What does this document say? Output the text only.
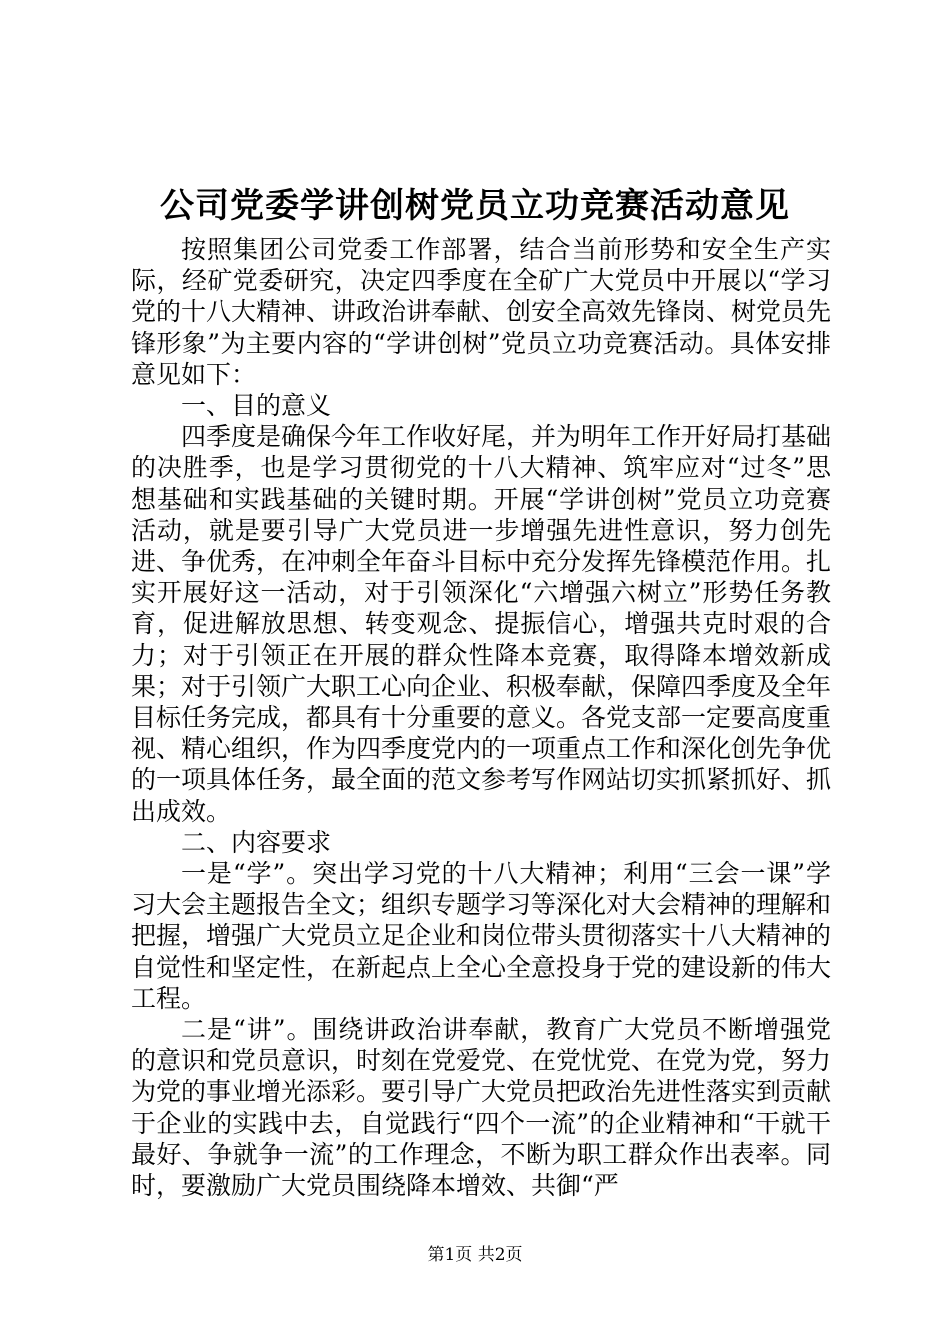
公司党委学讲创树党员立功竞赛活动意见

按照集团公司党委工作部署，结合当前形势和安全生产实际，经矿党委研究，决定四季度在全矿广大党员中开展以“学习党的十八大精神、讲政治讲奉献、创安全高效先锋岗、树党员先锋形象”为主要内容的“学讲创树”党员立功竞赛活动。具体安排意见如下：

一、目的意义

四季度是确保今年工作收好尾，并为明年工作开好局打基础的决胜季，也是学习贯彻党的十八大精神、筑牢应对“过冬”思想基础和实践基础的关键时期。开展“学讲创树”党员立功竞赛活动，就是要引导广大党员进一步增强先进性意识，努力创先进、争优秀，在冲刺全年奋斗目标中充分发挥先锋模范作用。扎实开展好这一活动，对于引领深化“六增强六树立”形势任务教育，促进解放思想、转变观念、提振信心，增强共克时艰的合力；对于引领正在开展的群众性降本竞赛，取得降本增效新成果；对于引领广大职工心向企业、积极奉献，保障四季度及全年目标任务完成，都具有十分重要的意义。各党支部一定要高度重视、精心组织，作为四季度党内的一项重点工作和深化创先争优的一项具体任务，最全面的范文参考写作网站切实抓紧抓好、抓出成效。

二、内容要求

一是“学”。突出学习党的十八大精神；利用“三会一课”学习大会主题报告全文；组织专题学习等深化对大会精神的理解和把握，增强广大党员立足企业和岗位带头贯彻落实十八大精神的自觉性和坚定性，在新起点上全心全意投身于党的建设新的伟大工程。

二是“讲”。围绕讲政治讲奉献，教育广大党员不断增强党的意识和党员意识，时刻在党爱党、在党忧党、在党为党，努力为党的事业增光添彩。要引导广大党员把政治先进性落实到贡献于企业的实践中去，自觉践行“四个一流”的企业精神和“干就干最好、争就争一流”的工作理念，不断为职工群众作出表率。同时，要激励广大党员围绕降本增效、共御“严

第1页 共2页
